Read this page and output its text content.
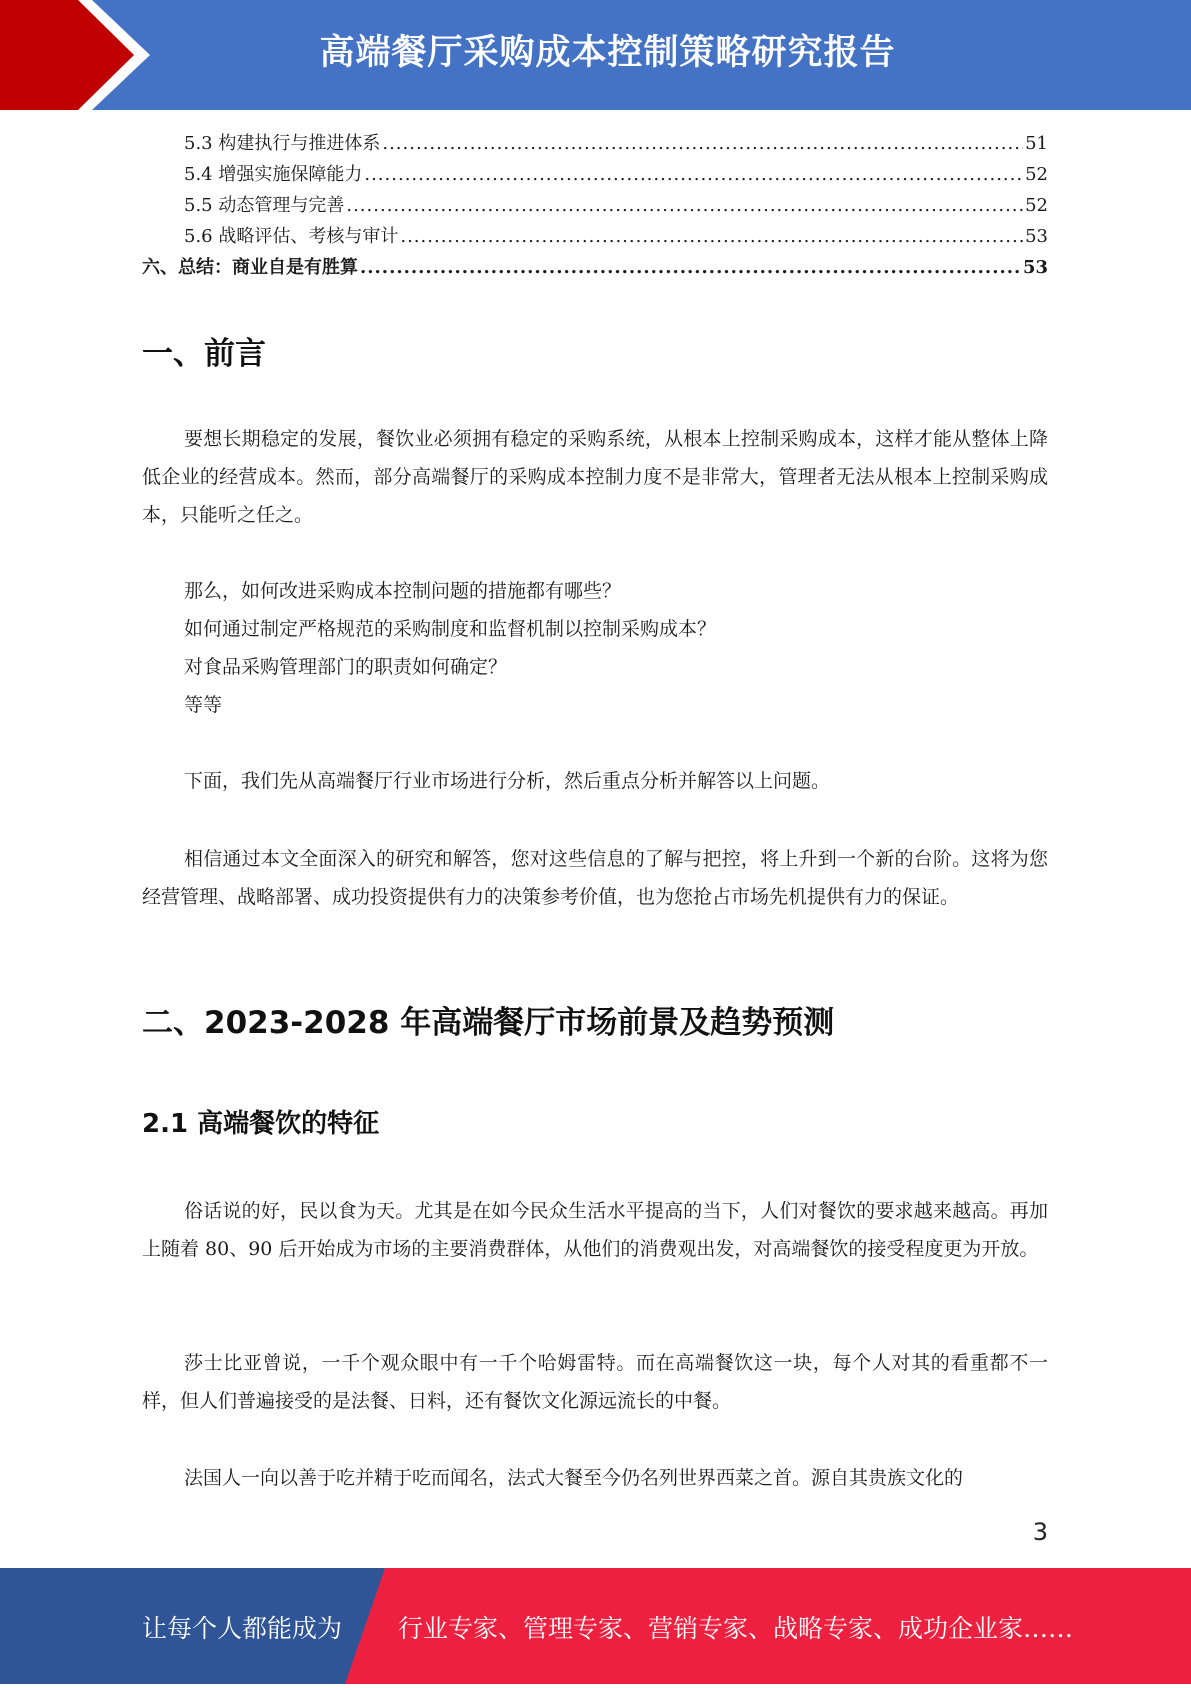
高端餐厅采购成本控制策略研究报告
5.3 构建执行与推进体系 .....	51
5.4 增强实施保障能力 .....	52
5.5 动态管理与完善 .....	52
5.6 战略评估、考核与审计 .....	53
六、总结：商业自是有胜算 .....	53
一、前言

要想长期稳定的发展，餐饮业必须拥有稳定的采购系统，从根本上控制采购成本，这样才能从整体上降低企业的经营成本。然而，部分高端餐厅的采购成本控制力度不是非常大，管理者无法从根本上控制采购成本，只能听之任之。

那么，如何改进采购成本控制问题的措施都有哪些？

如何通过制定严格规范的采购制度和监督机制以控制采购成本？

对食品采购管理部门的职责如何确定？

等等

下面，我们先从高端餐厅行业市场进行分析，然后重点分析并解答以上问题。

相信通过本文全面深入的研究和解答，您对这些信息的了解与把控，将上升到一个新的台阶。这将为您经营管理、战略部署、成功投资提供有力的决策参考价值，也为您抢占市场先机提供有力的保证。

二、2023-2028 年高端餐厅市场前景及趋势预测
2.1 高端餐饮的特征

俗话说的好，民以食为天。尤其是在如今民众生活水平提高的当下，人们对餐饮的要求越来越高。再加上随着 80、90 后开始成为市场的主要消费群体，从他们的消费观出发，对高端餐饮的接受程度更为开放。

莎士比亚曾说，一千个观众眼中有一千个哈姆雷特。而在高端餐饮这一块，每个人对其的看重都不一样，但人们普遍接受的是法餐、日料，还有餐饮文化源远流长的中餐。

法国人一向以善于吃并精于吃而闻名，法式大餐至今仍名列世界西菜之首。源自其贵族文化的

3
让每个人都能成为 行业专家、管理专家、营销专家、战略专家、成功企业家……
